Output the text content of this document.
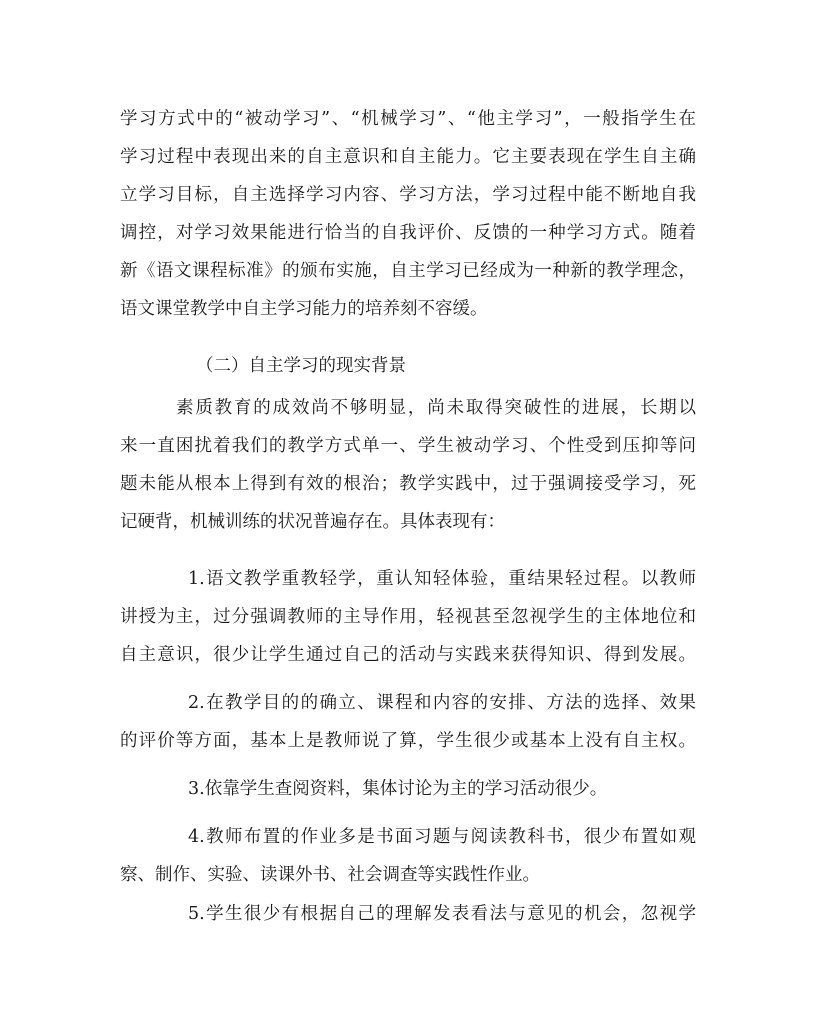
学习方式中的“被动学习”、“机械学习”、“他主学习”，一般指学生在
学习过程中表现出来的自主意识和自主能力。它主要表现在学生自主确
立学习目标，自主选择学习内容、学习方法，学习过程中能不断地自我
调控，对学习效果能进行恰当的自我评价、反馈的一种学习方式。随着
新《语文课程标准》的颁布实施，自主学习已经成为一种新的教学理念，
语文课堂教学中自主学习能力的培养刻不容缓。
（二）自主学习的现实背景
素质教育的成效尚不够明显，尚未取得突破性的进展，长期以
来一直困扰着我们的教学方式单一、学生被动学习、个性受到压抑等问
题未能从根本上得到有效的根治；教学实践中，过于强调接受学习，死
记硬背，机械训练的状况普遍存在。具体表现有：
1.语文教学重教轻学，重认知轻体验，重结果轻过程。以教师
讲授为主，过分强调教师的主导作用，轻视甚至忽视学生的主体地位和
自主意识，很少让学生通过自己的活动与实践来获得知识、得到发展。
2.在教学目的的确立、课程和内容的安排、方法的选择、效果
的评价等方面，基本上是教师说了算，学生很少或基本上没有自主权。
3.依靠学生查阅资料，集体讨论为主的学习活动很少。
4.教师布置的作业多是书面习题与阅读教科书，很少布置如观
察、制作、实验、读课外书、社会调查等实践性作业。
5.学生很少有根据自己的理解发表看法与意见的机会，忽视学
